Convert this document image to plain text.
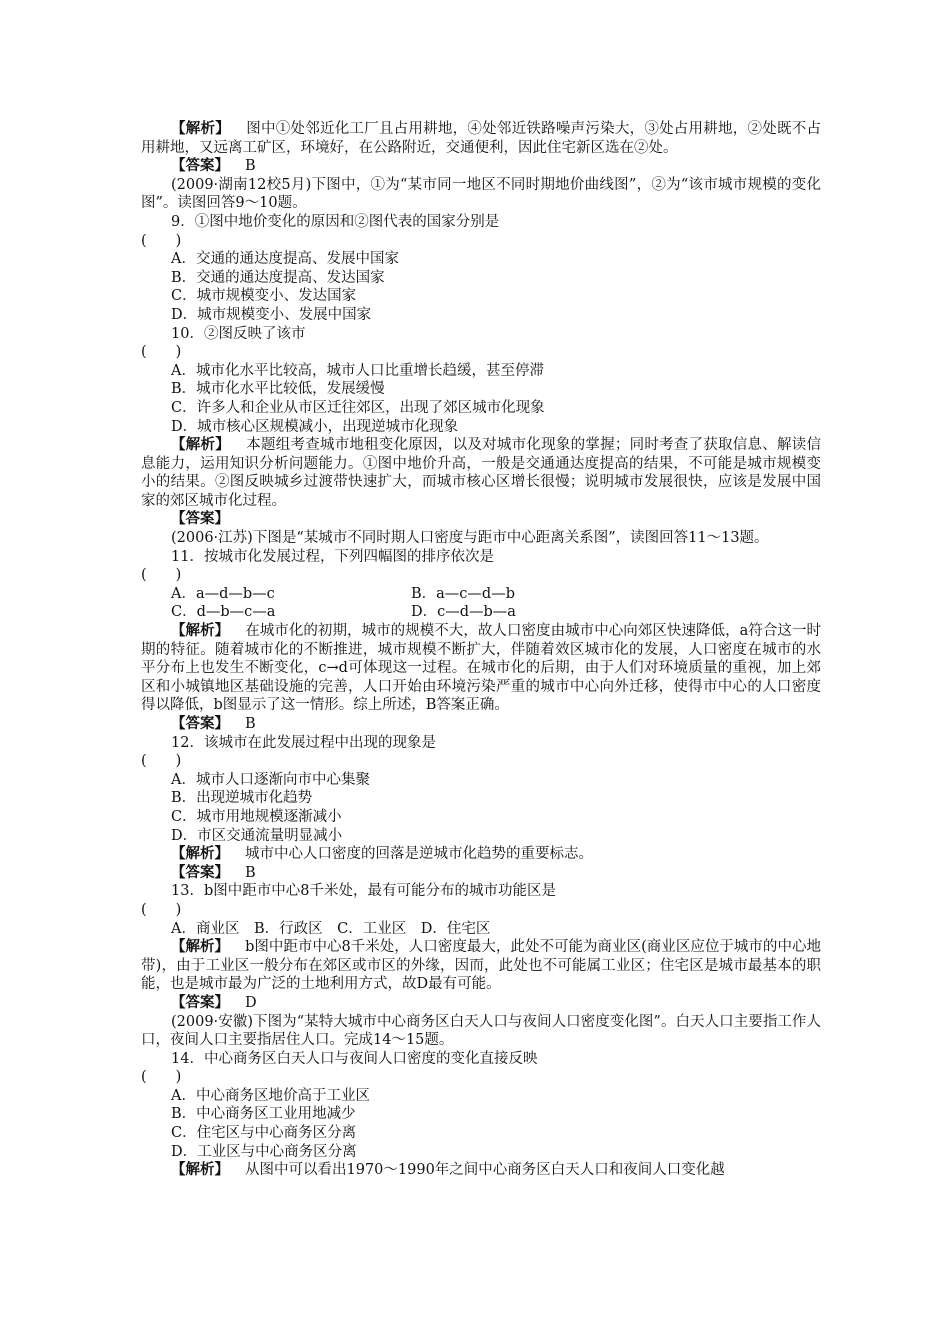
【解析】 图中①处邻近化工厂且占用耕地，④处邻近铁路噪声污染大，③处占用耕地，②处既不占用耕地，又远离工矿区，环境好，在公路附近，交通便利，因此住宅新区选在②处。

【答案】 B

(2009·湖南12校5月)下图中，①为“某市同一地区不同时期地价曲线图”，②为“该市城市规模的变化图”。读图回答9～10题。

9．①图中地价变化的原因和②图代表的国家分别是

(　　)

A．交通的通达度提高、发展中国家

B．交通的通达度提高、发达国家

C．城市规模变小、发达国家

D．城市规模变小、发展中国家

10．②图反映了该市

(　　)

A．城市化水平比较高，城市人口比重增长趋缓，甚至停滞

B．城市化水平比较低，发展缓慢

C．许多人和企业从市区迁往郊区，出现了郊区城市化现象

D．城市核心区规模减小，出现逆城市化现象

【解析】 本题组考查城市地租变化原因，以及对城市化现象的掌握；同时考查了获取信息、解读信息能力，运用知识分析问题能力。①图中地价升高，一般是交通通达度提高的结果，不可能是城市规模变小的结果。②图反映城乡过渡带快速扩大，而城市核心区增长很慢；说明城市发展很快，应该是发展中国家的郊区城市化过程。

【答案】

(2006·江苏)下图是“某城市不同时期人口密度与距市中心距离关系图”，读图回答11～13题。

11．按城市化发展过程，下列四幅图的排序依次是

(　　)

A．a—d—b—c	B．a—c—d—b
C．d—b—c—a	D．c—d—b—a

【解析】 在城市化的初期，城市的规模不大，故人口密度由城市中心向郊区快速降低，a符合这一时期的特征。随着城市化的不断推进，城市规模不断扩大，伴随着效区城市化的发展，人口密度在城市的水平分布上也发生不断变化，c→d可体现这一过程。在城市化的后期，由于人们对环境质量的重视，加上郊区和小城镇地区基础设施的完善，人口开始由环境污染严重的城市中心向外迁移，使得市中心的人口密度得以降低，b图显示了这一情形。综上所述，B答案正确。

【答案】 B

12．该城市在此发展过程中出现的现象是

(　　)

A．城市人口逐渐向市中心集聚

B．出现逆城市化趋势

C．城市用地规模逐渐减小

D．市区交通流量明显减小

【解析】 城市中心人口密度的回落是逆城市化趋势的重要标志。

【答案】 B

13．b图中距市中心8千米处，最有可能分布的城市功能区是

(　　)

A．商业区　 B．行政区　 C．工业区　 D．住宅区

【解析】 b图中距市中心8千米处，人口密度最大，此处不可能为商业区(商业区应位于城市的中心地带)，由于工业区一般分布在郊区或市区的外缘，因而，此处也不可能属工业区；住宅区是城市最基本的职能，也是城市最为广泛的土地利用方式，故D最有可能。

【答案】 D

(2009·安徽)下图为“某特大城市中心商务区白天人口与夜间人口密度变化图”。白天人口主要指工作人口，夜间人口主要指居住人口。完成14～15题。

14．中心商务区白天人口与夜间人口密度的变化直接反映

(　　)

A．中心商务区地价高于工业区

B．中心商务区工业用地减少

C．住宅区与中心商务区分离

D．工业区与中心商务区分离

【解析】 从图中可以看出1970～1990年之间中心商务区白天人口和夜间人口变化越
